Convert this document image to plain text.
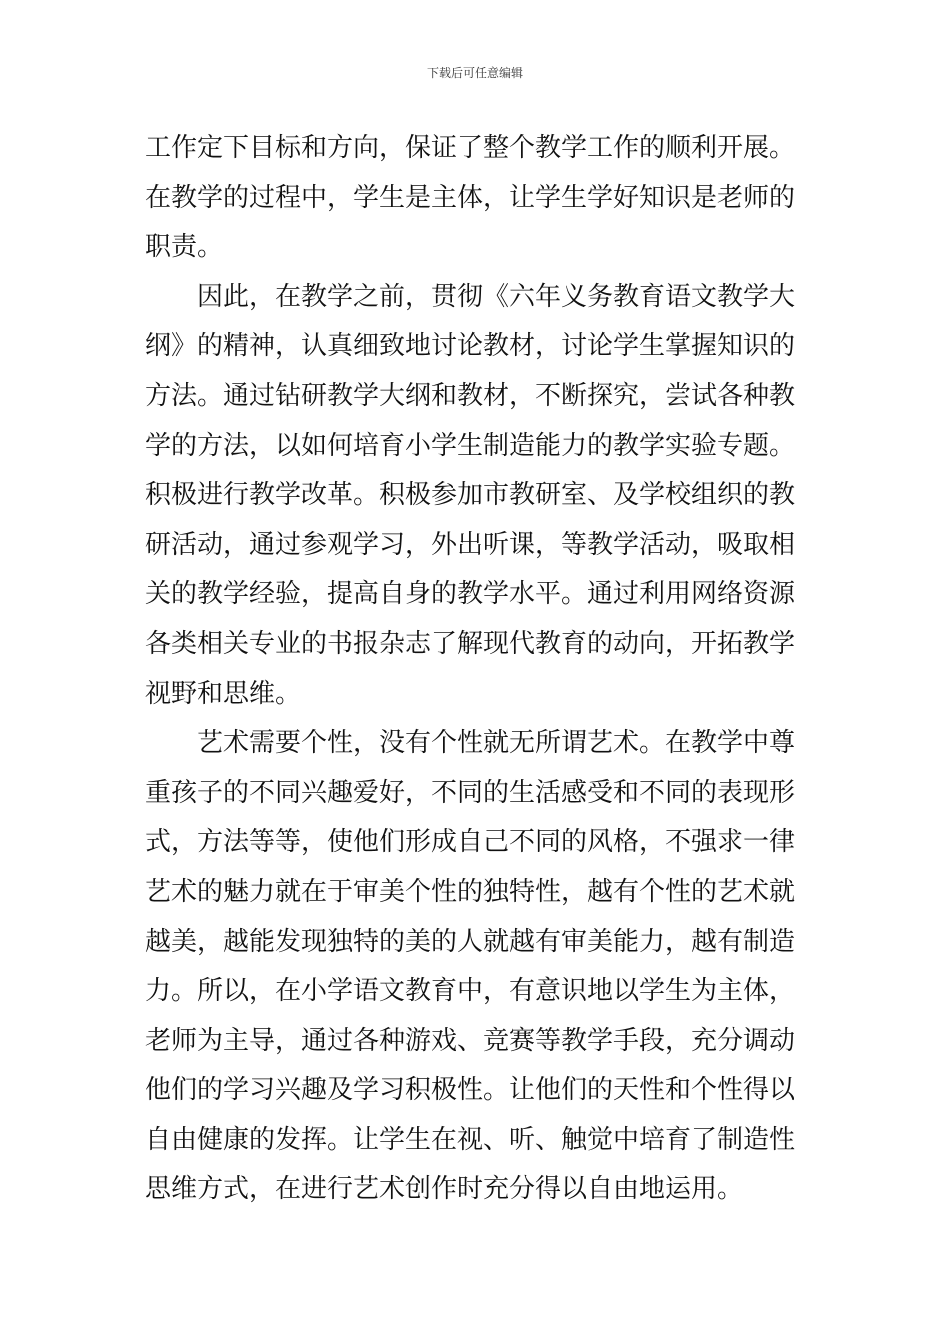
下载后可任意编辑
工作定下目标和方向，保证了整个教学工作的顺利开展。
在教学的过程中，学生是主体，让学生学好知识是老师的
职责。
因此，在教学之前，贯彻《六年义务教育语文教学大
纲》的精神，认真细致地讨论教材，讨论学生掌握知识的
方法。通过钻研教学大纲和教材，不断探究，尝试各种教
学的方法，以如何培育小学生制造能力的教学实验专题。
积极进行教学改革。积极参加市教研室、及学校组织的教
研活动，通过参观学习，外出听课，等教学活动，吸取相
关的教学经验，提高自身的教学水平。通过利用网络资源
各类相关专业的书报杂志了解现代教育的动向，开拓教学
视野和思维。
艺术需要个性，没有个性就无所谓艺术。在教学中尊
重孩子的不同兴趣爱好，不同的生活感受和不同的表现形
式，方法等等，使他们形成自己不同的风格，不强求一律
艺术的魅力就在于审美个性的独特性，越有个性的艺术就
越美，越能发现独特的美的人就越有审美能力，越有制造
力。所以，在小学语文教育中，有意识地以学生为主体，
老师为主导，通过各种游戏、竞赛等教学手段，充分调动
他们的学习兴趣及学习积极性。让他们的天性和个性得以
自由健康的发挥。让学生在视、听、触觉中培育了制造性
思维方式，在进行艺术创作时充分得以自由地运用。
